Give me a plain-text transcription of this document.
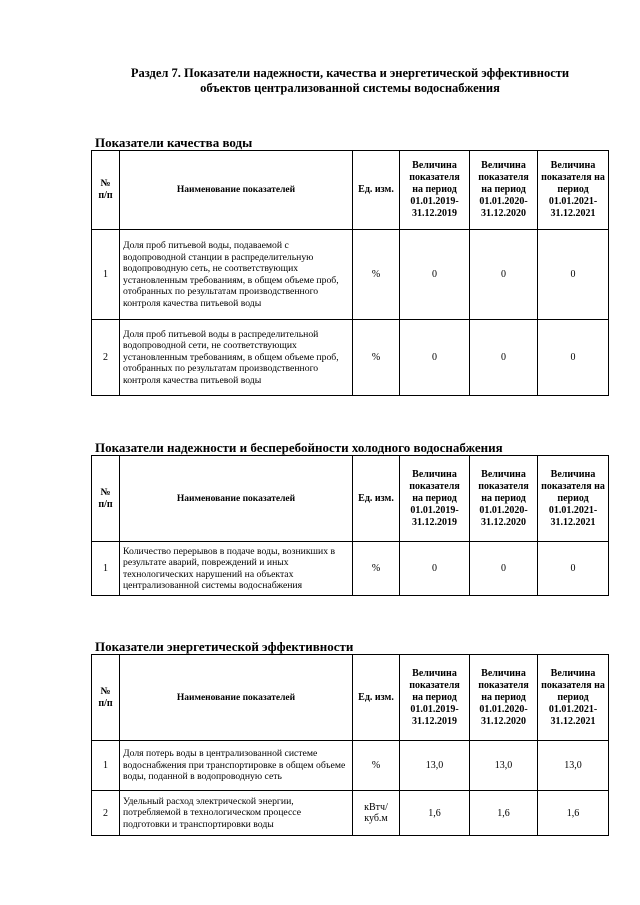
Раздел 7. Показатели надежности, качества и энергетической эффективности
объектов централизованной системы водоснабжения
Показатели качества воды
№ п/п	Наименование показателей	Ед. изм.	Величина показателя на период 01.01.2019-31.12.2019	Величина показателя на период 01.01.2020-31.12.2020	Величина показателя на период 01.01.2021-31.12.2021
1	Доля проб питьевой воды, подаваемой с водопроводной станции в распределительную водопроводную сеть, не соответствующих установленным требованиям, в общем объеме проб, отобранных по результатам производственного контроля качества питьевой воды	%	0	0	0
2	Доля проб питьевой воды в распределительной водопроводной сети, не соответствующих установленным требованиям, в общем объеме проб, отобранных по результатам производственного контроля качества питьевой воды	%	0	0	0
Показатели надежности и бесперебойности холодного водоснабжения
№ п/п	Наименование показателей	Ед. изм.	Величина показателя на период 01.01.2019-31.12.2019	Величина показателя на период 01.01.2020-31.12.2020	Величина показателя на период 01.01.2021-31.12.2021
1	Количество перерывов в подаче воды, возникших в результате аварий, повреждений и иных технологических нарушений на объектах централизованной системы водоснабжения	%	0	0	0
Показатели энергетической эффективности
№ п/п	Наименование показателей	Ед. изм.	Величина показателя на период 01.01.2019-31.12.2019	Величина показателя на период 01.01.2020-31.12.2020	Величина показателя на период 01.01.2021-31.12.2021
1	Доля потерь воды в централизованной системе водоснабжения при транспортировке в общем объеме воды, поданной в водопроводную сеть	%	13,0	13,0	13,0
2	Удельный расход электрической энергии, потребляемой в технологическом процессе подготовки и транспортировки воды	кВтч/ куб.м	1,6	1,6	1,6
